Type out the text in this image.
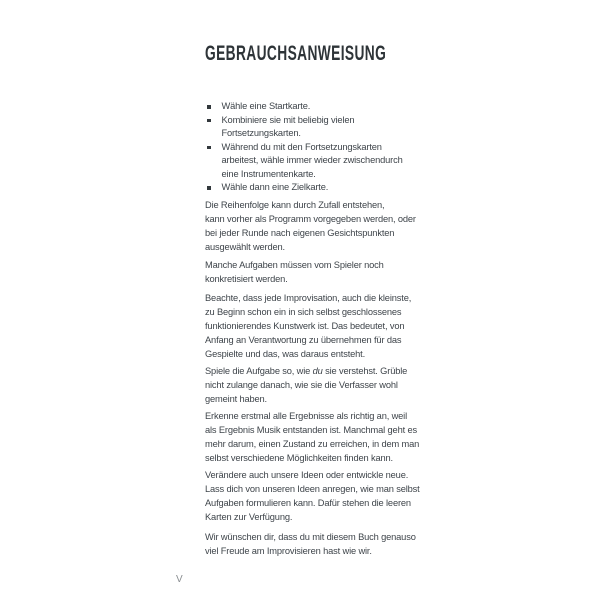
GEBRAUCHSANWEISUNG
Wähle eine Startkarte.
Kombiniere sie mit beliebig vielen
Fortsetzungskarten.
Während du mit den Fortsetzungskarten
arbeitest, wähle immer wieder zwischendurch
eine Instrumentenkarte.
Wähle dann eine Zielkarte.
Die Reihenfolge kann durch Zufall entstehen,
kann vorher als Programm vorgegeben werden, oder
bei jeder Runde nach eigenen Gesichtspunkten
ausgewählt werden.
Manche Aufgaben müssen vom Spieler noch
konkretisiert werden.
Beachte, dass jede Improvisation, auch die kleinste,
zu Beginn schon ein in sich selbst geschlossenes
funktionierendes Kunstwerk ist. Das bedeutet, von
Anfang an Verantwortung zu übernehmen für das
Gespielte und das, was daraus entsteht.
Spiele die Aufgabe so, wie du sie verstehst. Grüble
nicht zulange danach, wie sie die Verfasser wohl
gemeint haben.
Erkenne erstmal alle Ergebnisse als richtig an, weil
als Ergebnis Musik entstanden ist. Manchmal geht es
mehr darum, einen Zustand zu erreichen, in dem man
selbst verschiedene Möglichkeiten finden kann.
Verändere auch unsere Ideen oder entwickle neue.
Lass dich von unseren Ideen anregen, wie man selbst
Aufgaben formulieren kann. Dafür stehen die leeren
Karten zur Verfügung.
Wir wünschen dir, dass du mit diesem Buch genauso
viel Freude am Improvisieren hast wie wir.
V
